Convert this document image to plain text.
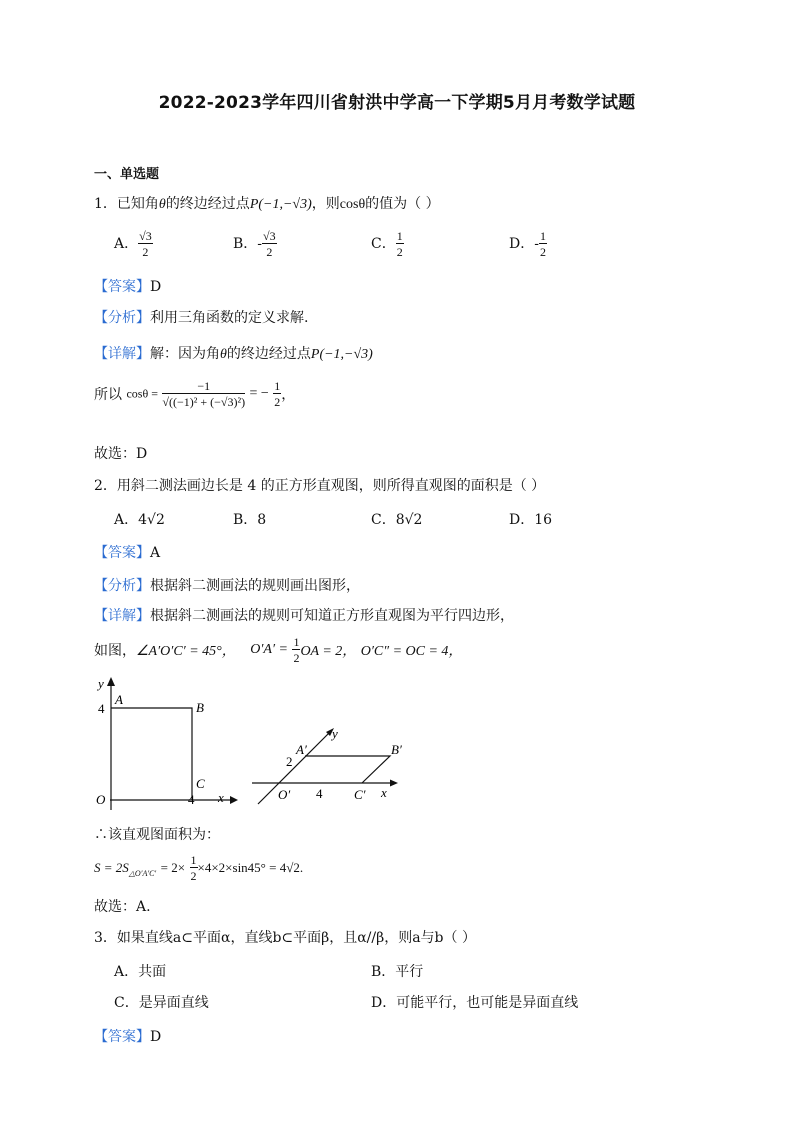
2022-2023学年四川省射洪中学高一下学期5月月考数学试题
一、单选题
1．已知角θ的终边经过点P(−1,−√3)，则cosθ的值为（ ）
A． $\frac{√3}{2}$	B．- $\frac{√3}{2}$	C． $\frac{1}{2}$	D．- $\frac{1}{2}$
【答案】D
【分析】利用三角函数的定义求解.
【详解】解：因为角θ的终边经过点P(−1,−√3)
所以 $\cos\theta = \frac{-1}{\text{√((−1)² + (−√3)²)}}$ = − $\frac{1}{2}$ ，
故选：D
2．用斜二测法画边长是 4 的正方形直观图，则所得直观图的面积是（ ）
A．4√2	B．8	C．8√2	D．16
【答案】A
【分析】根据斜二测画法的规则画出图形，
【详解】根据斜二测画法的规则可知道正方形直观图为平行四边形，
如图，∠A′O′C′ = 45°， $O'A' = \frac{1}{2}$ OA = 2， O′C″ = OC = 4，
y
4
A
B
C
O	4 x
y
A′
2
B′
O′ 4 C′ x
∴该直观图面积为：
$S = 2S_{\triangle O'A'C'} = 2\times \frac{1}{2} \times 4\times 2\times\sin 45^\circ = 4√2$.
故选：A.
3．如果直线a⊂平面α，直线b⊂平面β，且α//β，则a与b（ ）
A．共面	B．平行
C．是异面直线	D．可能平行，也可能是异面直线
【答案】D
